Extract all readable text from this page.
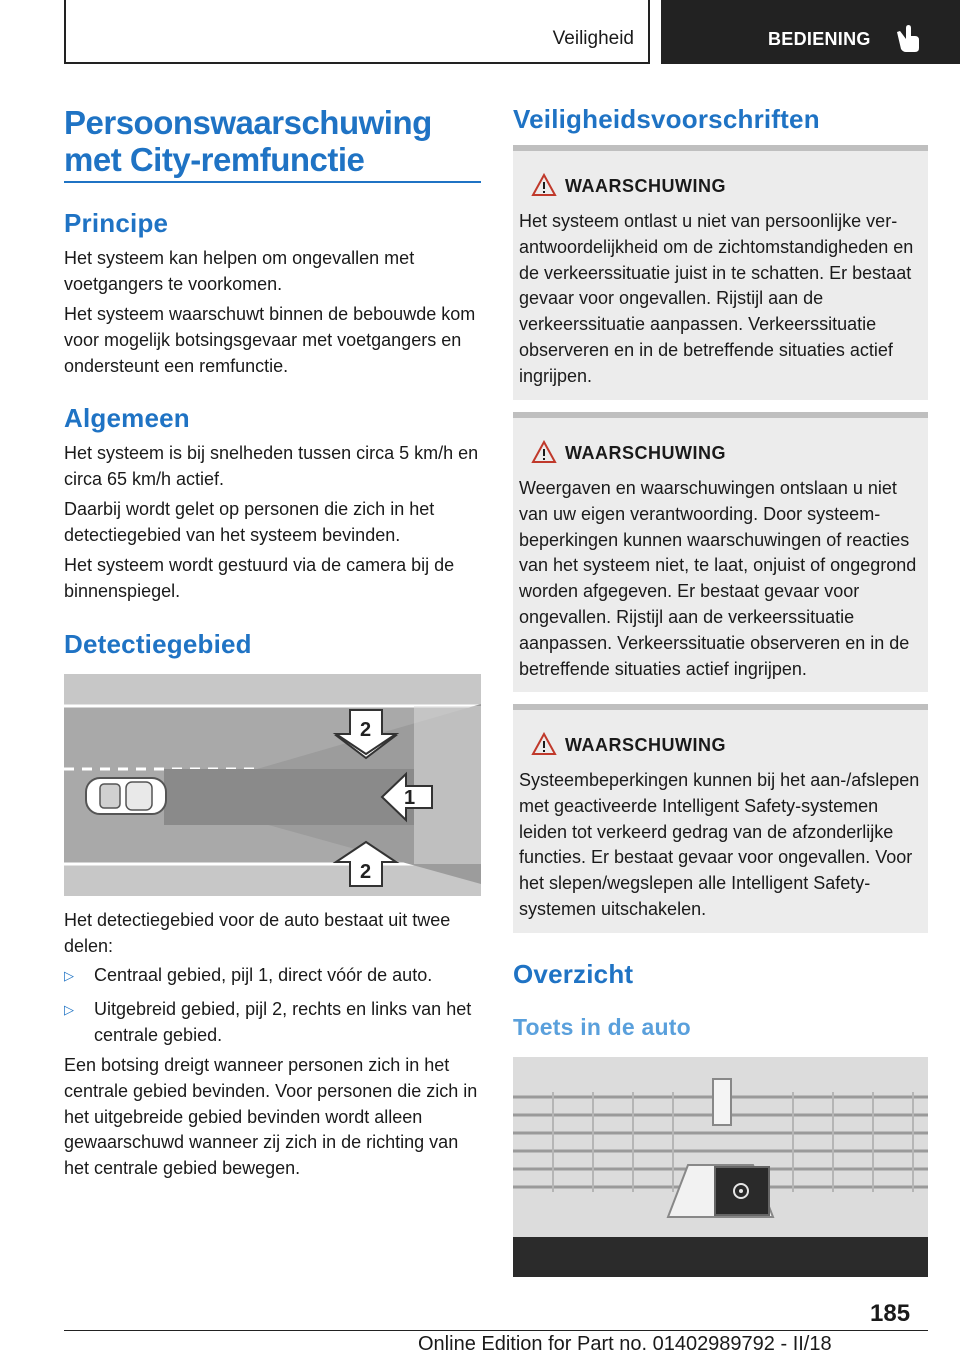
Veiligheid	BEDIENING
Persoonswaarschuwing
met City-remfunctie
Principe
Het systeem kan helpen om ongevallen met voetgangers te voorkomen.
Het systeem waarschuwt binnen de bebouwde kom voor mogelijk botsingsgevaar met voetgangers en ondersteunt een remfunctie.
Algemeen
Het systeem is bij snelheden tussen circa 5 km/h en circa 65 km/h actief.
Daarbij wordt gelet op personen die zich in het detectiegebied van het systeem bevinden.
Het systeem wordt gestuurd via de camera bij de binnenspiegel.
Detectiegebied
2
1
2
Het detectiegebied voor de auto bestaat uit twee delen:
▷ Centraal gebied, pijl 1, direct vóór de auto.
▷ Uitgebreid gebied, pijl 2, rechts en links van het centrale gebied.
Een botsing dreigt wanneer personen zich in het centrale gebied bevinden. Voor personen die zich in het uitgebreide gebied bevinden wordt alleen gewaarschuwd wanneer zij zich in de richting van het centrale gebied bewegen.
Veiligheidsvoorschriften
WAARSCHUWING
Het systeem ontlast u niet van persoonlijke verantwoordelijkheid om de zichtomstandigheden en de verkeerssituatie juist in te schatten. Er bestaat gevaar voor ongevallen. Rijstijl aan de verkeerssituatie aanpassen. Verkeerssituatie observeren en in de betreffende situaties actief ingrijpen.
WAARSCHUWING
Weergaven en waarschuwingen ontslaan u niet van uw eigen verantwoording. Door systeembeperkingen kunnen waarschuwingen of reacties van het systeem niet, te laat, onjuist of ongegrond worden afgegeven. Er bestaat gevaar voor ongevallen. Rijstijl aan de verkeerssituatie aanpassen. Verkeerssituatie observeren en in de betreffende situaties actief ingrijpen.
WAARSCHUWING
Systeembeperkingen kunnen bij het aan-/afslepen met geactiveerde Intelligent Safety-systemen leiden tot verkeerd gedrag van de afzonderlijke functies. Er bestaat gevaar voor ongevallen. Voor het slepen/wegslepen alle Intelligent Safety-systemen uitschakelen.
Overzicht
Toets in de auto
185
Online Edition for Part no. 01402989792 - II/18
